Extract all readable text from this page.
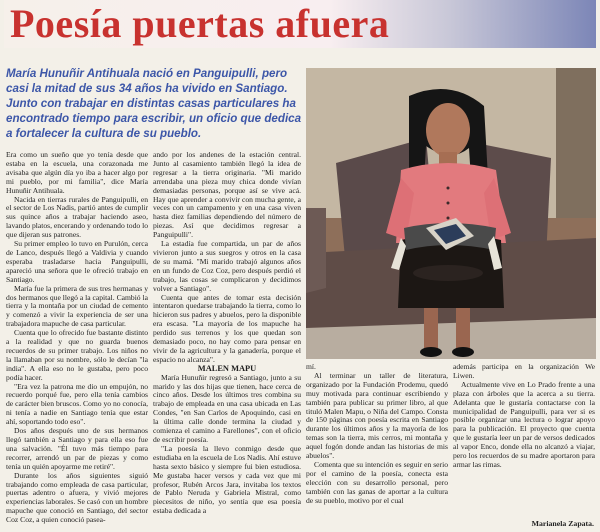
Poesía puertas afuera

María Hunuñir Antihuala nació en Panguipulli, pero casi la mitad de sus 34 años ha vivido en Santiago. Junto con trabajar en distintas casas particulares ha encontrado tiempo para escribir, un oficio que dedica a fortalecer la cultura de su pueblo.

Era como un sueño que yo tenía desde que estaba en la escuela, una corazonada me avisaba que algún día yo iba a hacer algo por mi pueblo, por mi familia", dice María Hunuñir Antihuala.

Nacida en tierras rurales de Panguipulli, en el sector de Los Nadis, partió antes de cumplir sus quince años a trabajar haciendo aseo, lavando platos, encerando y ordenando todo lo que dijeran sus patrones.

Su primer empleo lo tuvo en Purulón, cerca de Lanco, después llegó a Valdivia y cuando esperaba trasladarse hacia Panguipulli, apareció una señora que le ofreció trabajo en Santiago.

María fue la primera de sus tres hermanas y dos hermanos que llegó a la capital. Cambió la tierra y la montaña por un ciudad de cemento y comenzó a vivir la experiencia de ser una trabajadora mapuche de casa particular.

Cuenta que lo ofrecido fue bastante distinto a la realidad y que no guarda buenos recuerdos de su primer trabajo. Los niños no la llamaban por su nombre, sólo le decían "la india". A ella eso no le gustaba, pero poco podía hacer.

"Era vez la patrona me dio un empujón, no recuerdo porqué fue, pero ella tenía cambios de carácter bien bruscos. Como yo no conocía, ni tenía a nadie en Santiago tenía que estar ahí, soportando todo eso".

Dos años después uno de sus hermanos llegó también a Santiago y para ella eso fue una salvación. "Él tuvo más tiempo para recorrer, arrendó un par de piezas y como tenía un quién apoyarme me retiré".

Durante los años siguientes siguió trabajando como empleada de casa particular, puertas adentro o afuera, y vivió mejores experiencias laborales. Se casó con un hombre mapuche que conoció en Santiago, del sector Coz Coz, a quien conoció pasea-

ando por los andenes de la estación central. Junto al casamiento también llegó la idea de regresar a la tierra originaria. "Mi marido arrendaba una pieza muy chica donde vivían demasiadas personas, porque así se vive acá. Hay que aprender a convivir con mucha gente, a veces con un campamento y en una casa viven hasta diez familias dependiendo del número de piezas. Así que decidimos regresar a Panguipulli".

La estadía fue compartida, un par de años vivieron junto a sus suegros y otros en la casa de su mamá. "Mi marido trabajó algunos años en un fundo de Coz Coz, pero después perdió el trabajo, las cosas se complicaron y decidimos volver a Santiago".

Cuenta que antes de tomar esta decisión intentaron quedarse trabajando la tierra, como lo hicieron sus padres y abuelos, pero la disponible era escasa. "La mayoría de los mapuche ha perdido sus terrenos y los que quedan son demasiado poco, no hay como para pensar en vivir de la agricultura y la ganadería, porque el espacio no alcanza".

MALEN MAPU

María Hunuñir regresó a Santiago, junto a su marido y las dos hijas que tienen, hace cerca de cinco años. Desde los últimos tres combina su trabajo de empleada en una casa ubicada en Las Condes, "en San Carlos de Apoquindo, casi en la última calle donde termina la ciudad y comienza el camino a Farellones", con el oficio de escribir poesía.

"La poesía la llevo conmigo desde que estudiaba en la escuela de Los Nadis. Ahí estuve hasta sexto básico y siempre fui bien estudiosa. Me gustaba hacer versos y cada vez que mi profesor, Rubén Arcos Jara, invitaba los textos de Pablo Neruda y Gabriela Mistral, como piecesitos de niño, yo sentía que esa poesía estaba dedicada a

mí.

Al terminar un taller de literatura, organizado por la Fundación Prodemu, quedó muy motivada para continuar escribiendo y también para publicar su primer libro, al que tituló Malen Mapu, o Niña del Campo. Consta de 150 páginas con poesía escrita en Santiago durante los últimos años y la mayoría de los temas son la tierra, mis cerros, mi montaña y aquel fogón donde andan las historias de mis abuelos".

Comenta que su intención es seguir en serio por el camino de la poesía, conecta esta elección con su desarrollo personal, pero también con las ganas de aportar a la cultura de su pueblo, motivo por el cual

además participa en la organización We Liwen.

Actualmente vive en Lo Prado frente a una plaza con árboles que la acerca a su tierra. Adelanta que le gustaría contactarse con la municipalidad de Panguipulli, para ver si es posible organizar una lectura o lograr apoyo para la publicación. El proyecto que cuenta que le gustaría leer un par de versos dedicados al vapor Enco, donde ella no alcanzó a viajar, pero los recuerdos de su madre aportaron para armar las rimas.

Marianela Zapata.
